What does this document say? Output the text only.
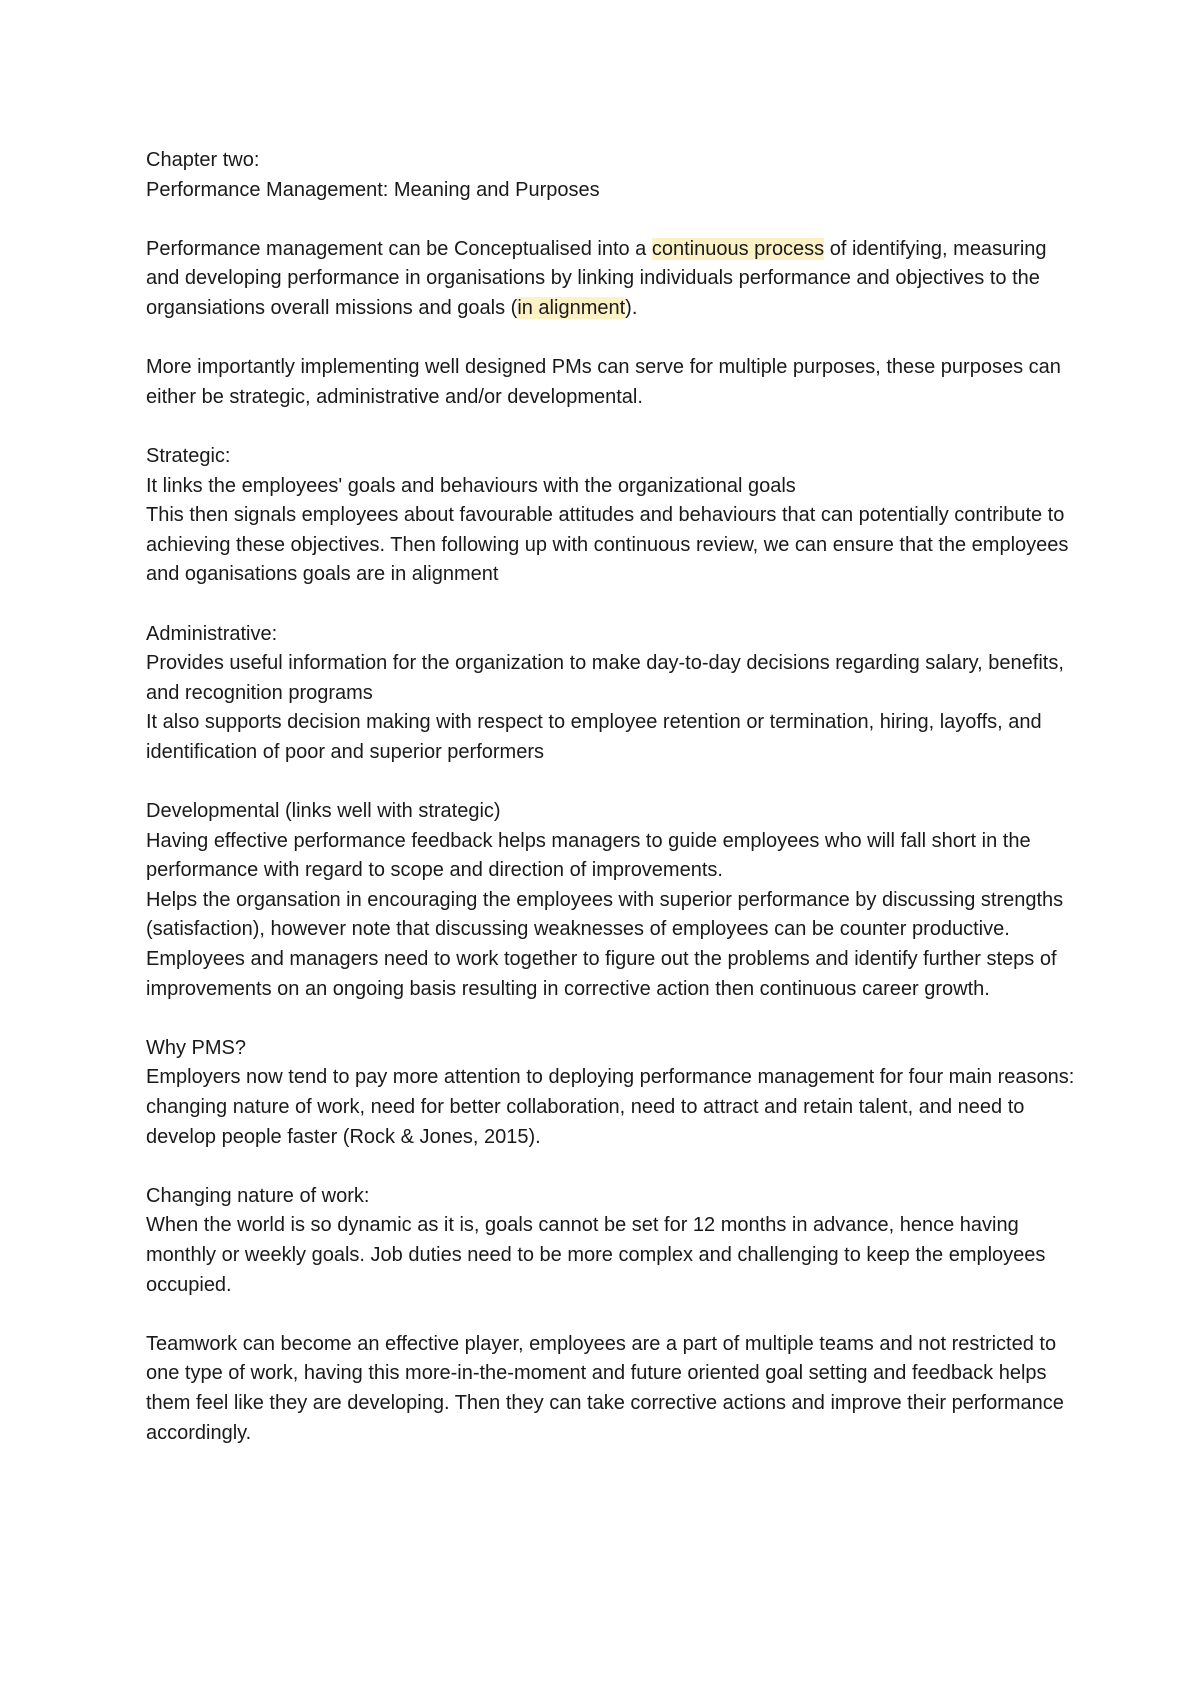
Chapter two:
Performance Management: Meaning and Purposes

Performance management can be Conceptualised into a continuous process of identifying, measuring and developing performance in organisations by linking individuals performance and objectives to the organsiations overall missions and goals (in alignment).

More importantly implementing well designed PMs can serve for multiple purposes, these purposes can either be strategic, administrative and/or developmental.

Strategic:
It links the employees' goals and behaviours with the organizational goals
This then signals employees about favourable attitudes and behaviours that can potentially contribute to achieving these objectives. Then following up with continuous review, we can ensure that the employees and oganisations goals are in alignment

Administrative:
Provides useful information for the organization to make day-to-day decisions regarding salary, benefits, and recognition programs
It also supports decision making with respect to employee retention or termination, hiring, layoffs, and identification of poor and superior performers

Developmental (links well with strategic)
Having effective performance feedback helps managers to guide employees who will fall short in the performance with regard to scope and direction of improvements.
Helps the organsation in encouraging the employees with superior performance by discussing strengths (satisfaction), however note that discussing weaknesses of employees can be counter productive.
Employees and managers need to work together to figure out the problems and identify further steps of improvements on an ongoing basis resulting in corrective action then continuous career growth.

Why PMS?
Employers now tend to pay more attention to deploying performance management for four main reasons: changing nature of work, need for better collaboration, need to attract and retain talent, and need to develop people faster (Rock & Jones, 2015).

Changing nature of work:
When the world is so dynamic as it is, goals cannot be set for 12 months in advance, hence having monthly or weekly goals. Job duties need to be more complex and challenging to keep the employees occupied.

Teamwork can become an effective player, employees are a part of multiple teams and not restricted to one type of work, having this more-in-the-moment and future oriented goal setting and feedback helps them feel like they are developing. Then they can take corrective actions and improve their performance accordingly.
